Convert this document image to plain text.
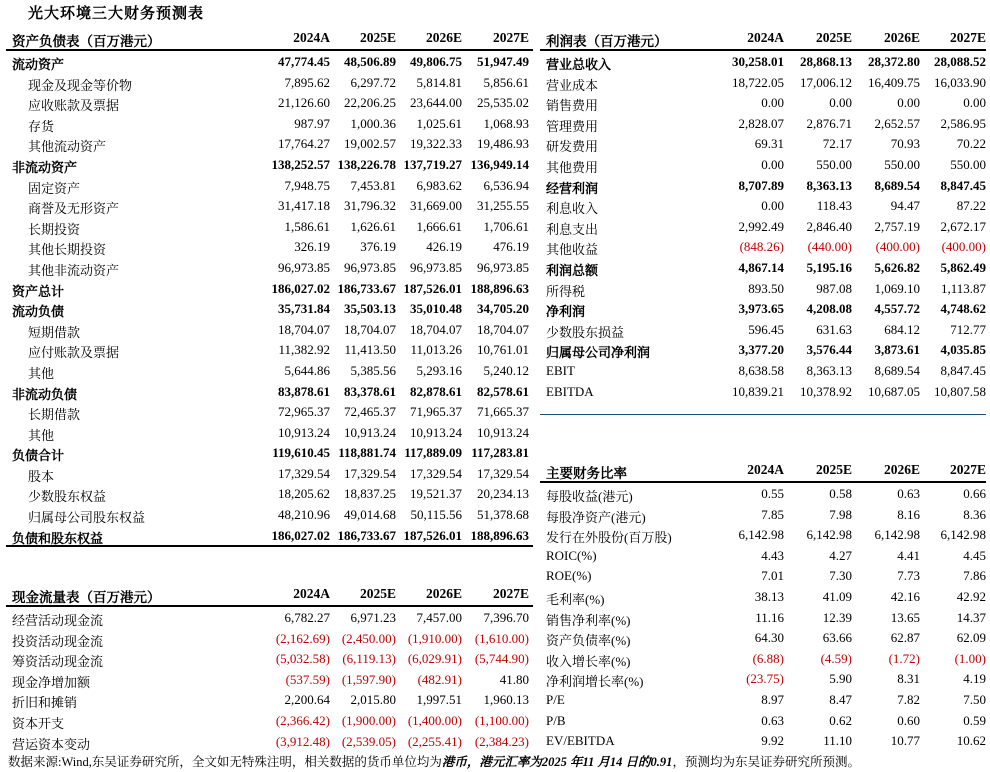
光大环境三大财务预测表
资产负债表（百万港元）	2024A	2025E	2026E	2027E
流动资产	47,774.45	48,506.89	49,806.75	51,947.49
现金及现金等价物	7,895.62	6,297.72	5,814.81	5,856.61
应收账款及票据	21,126.60	22,206.25	23,644.00	25,535.02
存货	987.97	1,000.36	1,025.61	1,068.93
其他流动资产	17,764.27	19,002.57	19,322.33	19,486.93
非流动资产	138,252.57 138,226.78 137,719.27 136,949.14
固定资产	7,948.75	7,453.81	6,983.62	6,536.94
商誉及无形资产	31,417.18	31,796.32	31,669.00	31,255.55
长期投资	1,586.61	1,626.61	1,666.61	1,706.61
其他长期投资	326.19	376.19	426.19	476.19
其他非流动资产	96,973.85	96,973.85	96,973.85	96,973.85
资产总计	186,027.02 186,733.67 187,526.01 188,896.63
流动负债	35,731.84	35,503.13	35,010.48	34,705.20
短期借款	18,704.07	18,704.07	18,704.07	18,704.07
应付账款及票据	11,382.92	11,413.50	11,013.26	10,761.01
其他	5,644.86	5,385.56	5,293.16	5,240.12
非流动负债	83,878.61	83,378.61	82,878.61	82,578.61
长期借款	72,965.37	72,465.37	71,965.37	71,665.37
其他	10,913.24	10,913.24	10,913.24	10,913.24
负债合计	119,610.45 118,881.74 117,889.09 117,283.81
股本	17,329.54	17,329.54	17,329.54	17,329.54
少数股东权益	18,205.62	18,837.25	19,521.37	20,234.13
归属母公司股东权益	48,210.96	49,014.68	50,115.56	51,378.68
负债和股东权益	186,027.02 186,733.67 187,526.01 188,896.63
利润表（百万港元）	2024A	2025E	2026E	2027E
营业总收入	30,258.01	28,868.13	28,372.80	28,088.52
营业成本	18,722.05	17,006.12	16,409.75	16,033.90
销售费用	0.00	0.00	0.00	0.00
管理费用	2,828.07	2,876.71	2,652.57	2,586.95
研发费用	69.31	72.17	70.93	70.22
其他费用	0.00	550.00	550.00	550.00
经营利润	8,707.89	8,363.13	8,689.54	8,847.45
利息收入	0.00	118.43	94.47	87.22
利息支出	2,992.49	2,846.40	2,757.19	2,672.17
其他收益	(848.26)	(440.00)	(400.00)	(400.00)
利润总额	4,867.14	5,195.16	5,626.82	5,862.49
所得税	893.50	987.08	1,069.10	1,113.87
净利润	3,973.65	4,208.08	4,557.72	4,748.62
少数股东损益	596.45	631.63	684.12	712.77
归属母公司净利润	3,377.20	3,576.44	3,873.61	4,035.85
EBIT	8,638.58	8,363.13	8,689.54	8,847.45
EBITDA	10,839.21	10,378.92	10,687.05	10,807.58
主要财务比率	2024A	2025E	2026E	2027E
每股收益(港元)	0.55	0.58	0.63	0.66
每股净资产(港元)	7.85	7.98	8.16	8.36
发行在外股份(百万股)	6,142.98	6,142.98	6,142.98	6,142.98
ROIC(%)	4.43	4.27	4.41	4.45
ROE(%)	7.01	7.30	7.73	7.86
毛利率(%)	38.13	41.09	42.16	42.92
销售净利率(%)	11.16	12.39	13.65	14.37
资产负债率(%)	64.30	63.66	62.87	62.09
收入增长率(%)	(6.88)	(4.59)	(1.72)	(1.00)
净利润增长率(%)	(23.75)	5.90	8.31	4.19
P/E	8.97	8.47	7.82	7.50
P/B	0.63	0.62	0.60	0.59
EV/EBITDA	9.92	11.10	10.77	10.62
现金流量表（百万港元）	2024A	2025E	2026E	2027E
经营活动现金流	6,782.27	6,971.23	7,457.00	7,396.70
投资活动现金流	(2,162.69) (2,450.00) (1,910.00) (1,610.00)
筹资活动现金流	(5,032.58) (6,119.13) (6,029.91) (5,744.90)
现金净增加额	(537.59) (1,597.90)	(482.91)	41.80
折旧和摊销	2,200.64	2,015.80	1,997.51	1,960.13
资本开支	(2,366.42) (1,900.00) (1,400.00) (1,100.00)
营运资本变动	(3,912.48) (2,539.05) (2,255.41) (2,384.23)
数据来源:Wind,东吴证券研究所，全文如无特殊注明，相关数据的货币单位均为港币，港元汇率为2025 年11 月14 日的0.91，预测均为东吴证券研究所预测。
